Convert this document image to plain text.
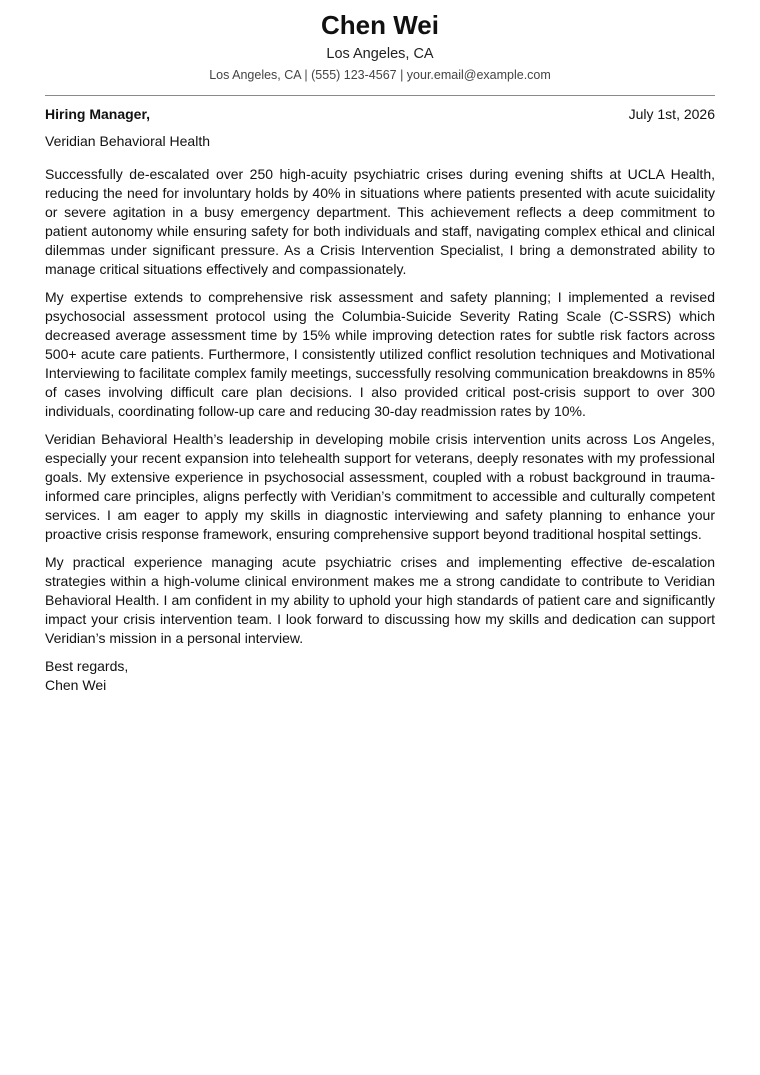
Chen Wei
Los Angeles, CA
Los Angeles, CA | (555) 123-4567 | your.email@example.com
Hiring Manager,	July 1st, 2026
Veridian Behavioral Health

Successfully de-escalated over 250 high-acuity psychiatric crises during evening shifts at UCLA Health, reducing the need for involuntary holds by 40% in situations where patients presented with acute suicidality or severe agitation in a busy emergency department. This achievement reflects a deep commitment to patient autonomy while ensuring safety for both individuals and staff, navigating complex ethical and clinical dilemmas under significant pressure. As a Crisis Intervention Specialist, I bring a demonstrated ability to manage critical situations effectively and compassionately.

My expertise extends to comprehensive risk assessment and safety planning; I implemented a revised psychosocial assessment protocol using the Columbia-Suicide Severity Rating Scale (C-SSRS) which decreased average assessment time by 15% while improving detection rates for subtle risk factors across 500+ acute care patients. Furthermore, I consistently utilized conflict resolution techniques and Motivational Interviewing to facilitate complex family meetings, successfully resolving communication breakdowns in 85% of cases involving difficult care plan decisions. I also provided critical post-crisis support to over 300 individuals, coordinating follow-up care and reducing 30-day readmission rates by 10%.

Veridian Behavioral Health’s leadership in developing mobile crisis intervention units across Los Angeles, especially your recent expansion into telehealth support for veterans, deeply resonates with my professional goals. My extensive experience in psychosocial assessment, coupled with a robust background in trauma-informed care principles, aligns perfectly with Veridian’s commitment to accessible and culturally competent services. I am eager to apply my skills in diagnostic interviewing and safety planning to enhance your proactive crisis response framework, ensuring comprehensive support beyond traditional hospital settings.

My practical experience managing acute psychiatric crises and implementing effective de-escalation strategies within a high-volume clinical environment makes me a strong candidate to contribute to Veridian Behavioral Health. I am confident in my ability to uphold your high standards of patient care and significantly impact your crisis intervention team. I look forward to discussing how my skills and dedication can support Veridian’s mission in a personal interview.

Best regards,
Chen Wei
